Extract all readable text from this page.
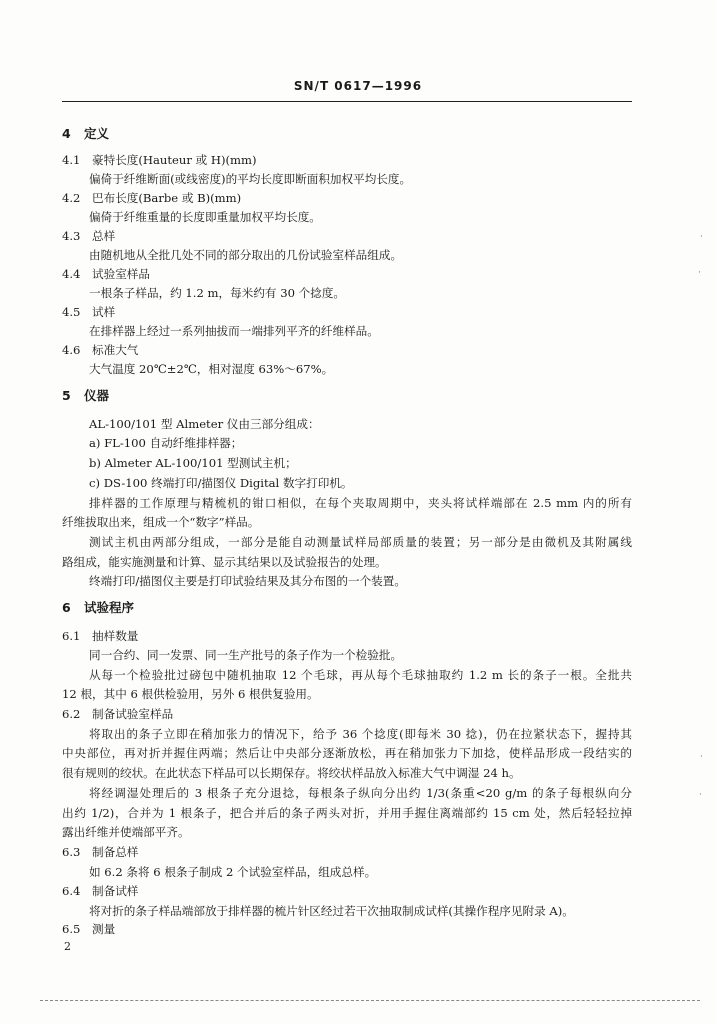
SN/T 0617—1996
4 定义
4.1 豪特长度(Hauteur 或 H)(mm)
偏倚于纤维断面(或线密度)的平均长度即断面积加权平均长度。
4.2 巴布长度(Barbe 或 B)(mm)
偏倚于纤维重量的长度即重量加权平均长度。
4.3 总样
由随机地从全批几处不同的部分取出的几份试验室样品组成。
4.4 试验室样品
一根条子样品，约 1.2 m，每米约有 30 个捻度。
4.5 试样
在排样器上经过一系列抽拔而一端排列平齐的纤维样品。
4.6 标准大气
大气温度 20℃±2℃，相对湿度 63%～67%。
5 仪器
AL-100/101 型 Almeter 仪由三部分组成：
a) FL-100 自动纤维排样器；
b) Almeter AL-100/101 型测试主机；
c) DS-100 终端打印/描图仪 Digital 数字打印机。
排样器的工作原理与精梳机的钳口相似，在每个夹取周期中，夹头将试样端部在 2.5 mm 内的所有
纤维拔取出来，组成一个“数字”样品。
测试主机由两部分组成，一部分是能自动测量试样局部质量的装置；另一部分是由微机及其附属线
路组成，能实施测量和计算、显示其结果以及试验报告的处理。
终端打印/描图仪主要是打印试验结果及其分布图的一个装置。
6 试验程序
6.1 抽样数量
同一合约、同一发票、同一生产批号的条子作为一个检验批。
从每一个检验批过磅包中随机抽取 12 个毛球，再从每个毛球抽取约 1.2 m 长的条子一根。全批共
12 根，其中 6 根供检验用，另外 6 根供复验用。
6.2 制备试验室样品
将取出的条子立即在稍加张力的情况下，给予 36 个捻度(即每米 30 捻)，仍在拉紧状态下，握持其
中央部位，再对折并握住两端；然后让中央部分逐渐放松，再在稍加张力下加捻，使样品形成一段结实的
很有规则的绞状。在此状态下样品可以长期保存。将绞状样品放入标准大气中调湿 24 h。
将经调湿处理后的 3 根条子充分退捻，每根条子纵向分出约 1/3(条重<20 g/m 的条子每根纵向分
出约 1/2)，合并为 1 根条子，把合并后的条子两头对折，并用手握住离端部约 15 cm 处，然后轻轻拉掉
露出纤维并使端部平齐。
6.3 制备总样
如 6.2 条将 6 根条子制成 2 个试验室样品，组成总样。
6.4 制备试样
将对折的条子样品端部放于排样器的梳片针区经过若干次抽取制成试样(其操作程序见附录 A)。
6.5 测量
2
·
·
·
·
